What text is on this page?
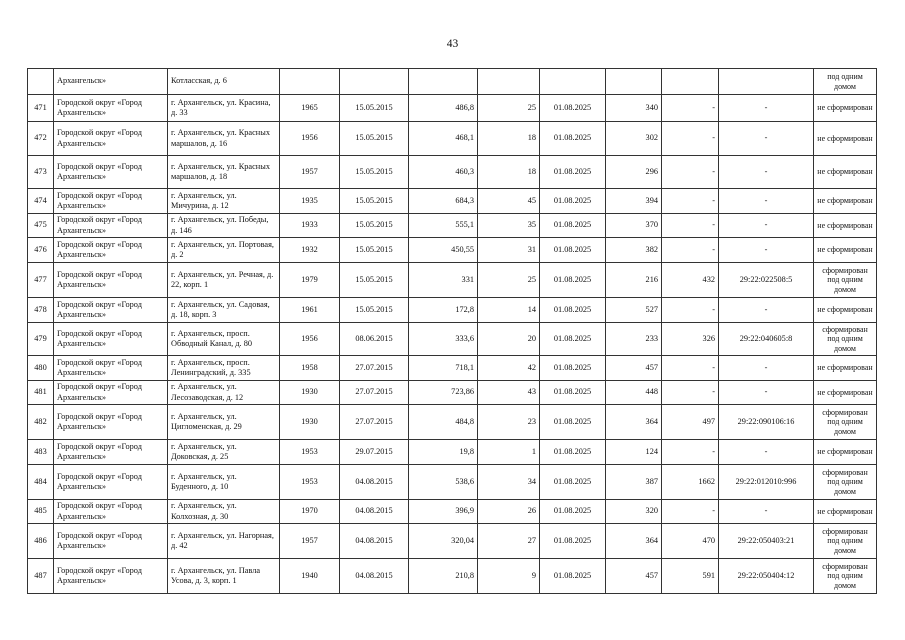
43
	Архангельск»	Котласская, д. 6									под одним домом
471	Городской округ «Город Архангельск»	г. Архангельск, ул. Красина, д. 33	1965	15.05.2015	486,8	25	01.08.2025	340	-	-	не сформирован
472	Городской округ «Город Архангельск»	г. Архангельск, ул. Красных маршалов, д. 16	1956	15.05.2015	468,1	18	01.08.2025	302	-	-	не сформирован
473	Городской округ «Город Архангельск»	г. Архангельск, ул. Красных маршалов, д. 18	1957	15.05.2015	460,3	18	01.08.2025	296	-	-	не сформирован
474	Городской округ «Город Архангельск»	г. Архангельск, ул. Мичурина, д. 12	1935	15.05.2015	684,3	45	01.08.2025	394	-	-	не сформирован
475	Городской округ «Город Архангельск»	г. Архангельск, ул. Победы, д. 146	1933	15.05.2015	555,1	35	01.08.2025	370	-	-	не сформирован
476	Городской округ «Город Архангельск»	г. Архангельск, ул. Портовая, д. 2	1932	15.05.2015	450,55	31	01.08.2025	382	-	-	не сформирован
477	Городской округ «Город Архангельск»	г. Архангельск, ул. Речная, д. 22, корп. 1	1979	15.05.2015	331	25	01.08.2025	216	432	29:22:022508:5	сформирован под одним домом
478	Городской округ «Город Архангельск»	г. Архангельск, ул. Садовая, д. 18, корп. 3	1961	15.05.2015	172,8	14	01.08.2025	527	-	-	не сформирован
479	Городской округ «Город Архангельск»	г. Архангельск, просп. Обводный Канал, д. 80	1956	08.06.2015	333,6	20	01.08.2025	233	326	29:22:040605:8	сформирован под одним домом
480	Городской округ «Город Архангельск»	г. Архангельск, просп. Ленинградский, д. 335	1958	27.07.2015	718,1	42	01.08.2025	457	-	-	не сформирован
481	Городской округ «Город Архангельск»	г. Архангельск, ул. Лесозаводская, д. 12	1930	27.07.2015	723,86	43	01.08.2025	448	-	-	не сформирован
482	Городской округ «Город Архангельск»	г. Архангельск, ул. Цигломенская, д. 29	1930	27.07.2015	484,8	23	01.08.2025	364	497	29:22:090106:16	сформирован под одним домом
483	Городской округ «Город Архангельск»	г. Архангельск, ул. Доковская, д. 25	1953	29.07.2015	19,8	1	01.08.2025	124	-	-	не сформирован
484	Городской округ «Город Архангельск»	г. Архангельск, ул. Буденного, д. 10	1953	04.08.2015	538,6	34	01.08.2025	387	1662	29:22:012010:996	сформирован под одним домом
485	Городской округ «Город Архангельск»	г. Архангельск, ул. Колхозная, д. 30	1970	04.08.2015	396,9	26	01.08.2025	320	-	-	не сформирован
486	Городской округ «Город Архангельск»	г. Архангельск, ул. Нагорная, д. 42	1957	04.08.2015	320,04	27	01.08.2025	364	470	29:22:050403:21	сформирован под одним домом
487	Городской округ «Город Архангельск»	г. Архангельск, ул. Павла Усова, д. 3, корп. 1	1940	04.08.2015	210,8	9	01.08.2025	457	591	29:22:050404:12	сформирован под одним домом
